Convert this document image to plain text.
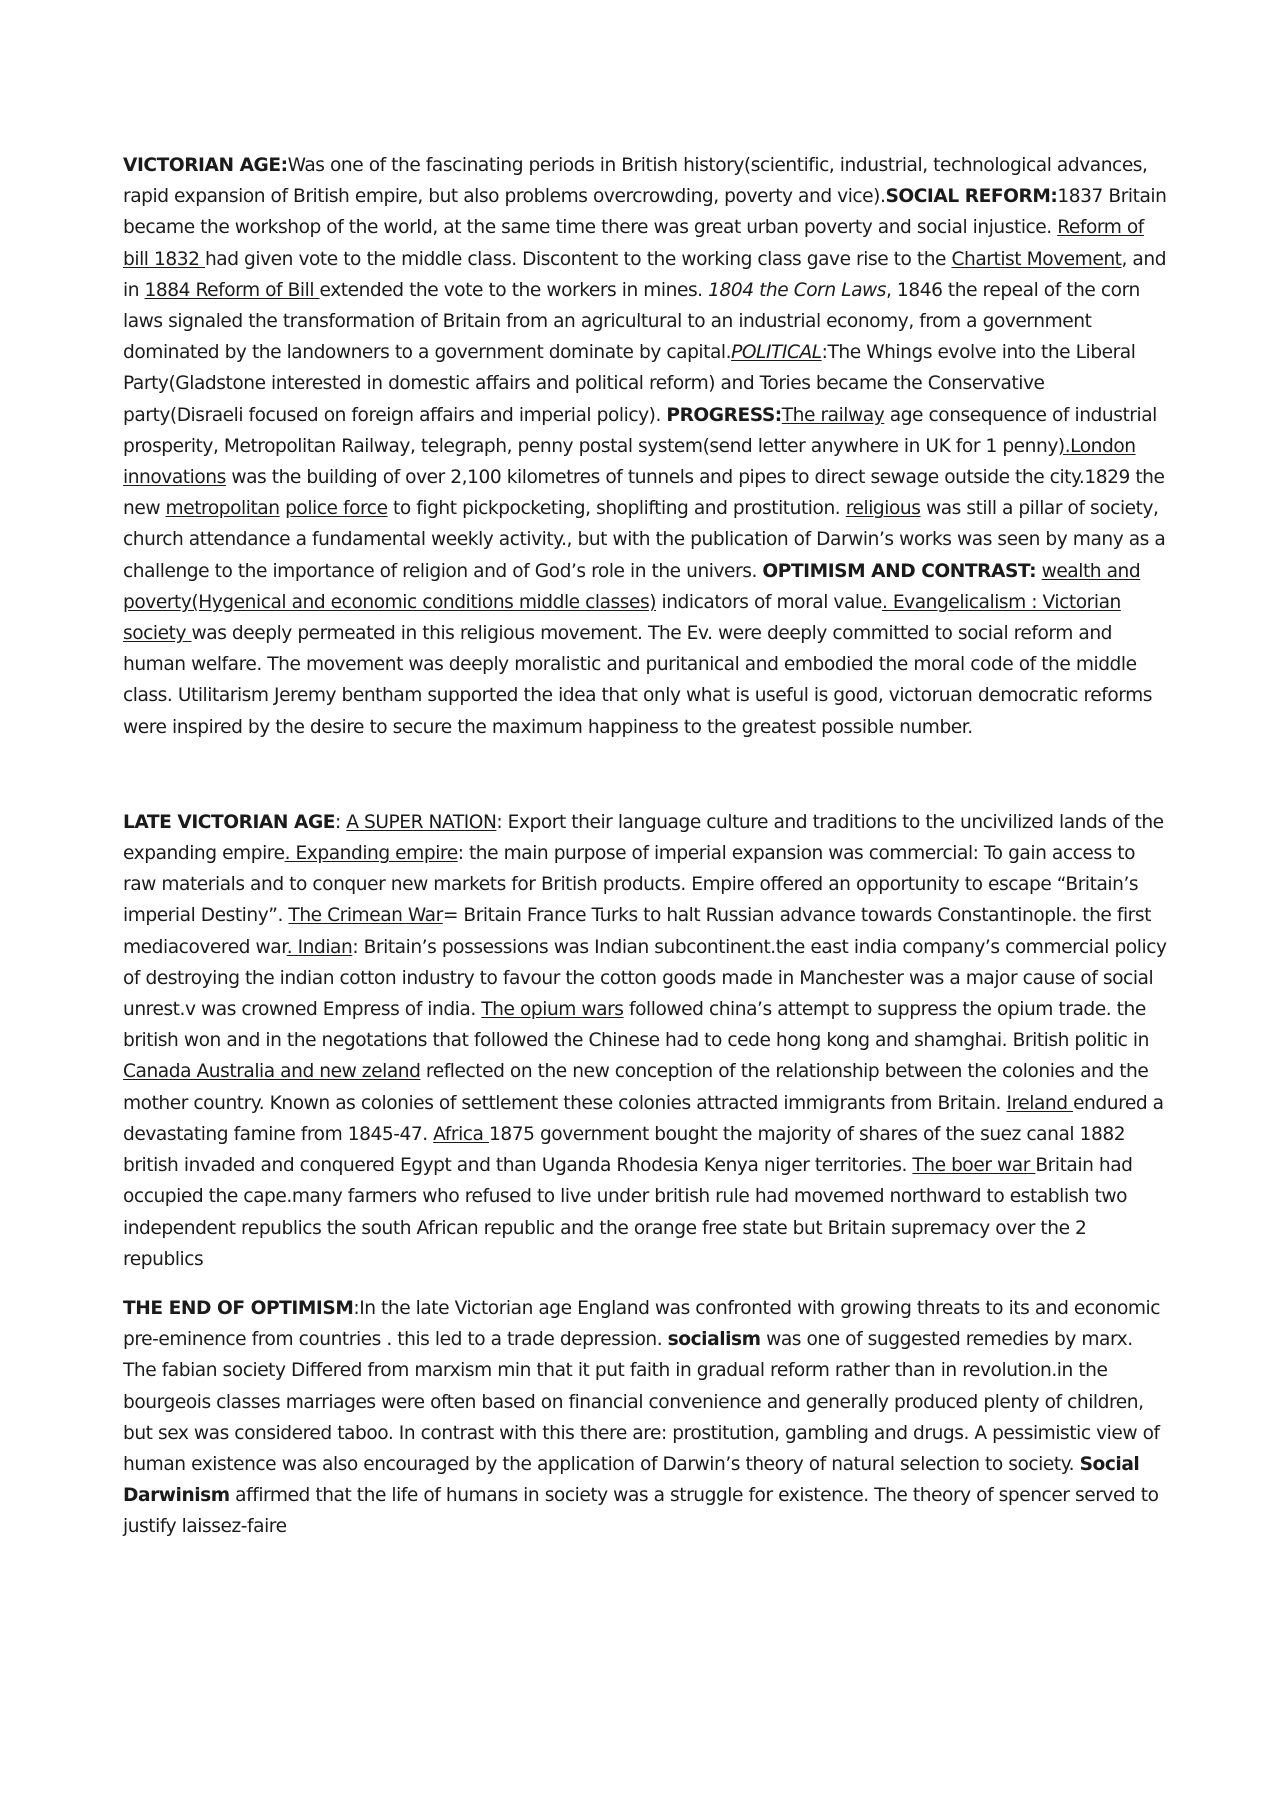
VICTORIAN AGE:Was one of the fascinating periods in British history(scientific, industrial, technological advances, rapid expansion of British empire, but also problems overcrowding, poverty and vice).SOCIAL REFORM:1837 Britain became the workshop of the world, at the same time there was great urban poverty and social injustice. Reform of bill 1832 had given vote to the middle class. Discontent to the working class gave rise to the Chartist Movement, and in 1884 Reform of Bill extended the vote to the workers in mines. 1804 the Corn Laws, 1846 the repeal of the corn laws signaled the transformation of Britain from an agricultural to an industrial economy, from a government dominated by the landowners to a government dominate by capital.POLITICAL:The Whings evolve into the Liberal Party(Gladstone interested in domestic affairs and political reform) and Tories became the Conservative party(Disraeli focused on foreign affairs and imperial policy). PROGRESS:The railway age consequence of industrial prosperity, Metropolitan Railway, telegraph, penny postal system(send letter anywhere in UK for 1 penny).London innovations was the building of over 2,100 kilometres of tunnels and pipes to direct sewage outside the city.1829 the new metropolitan police force to fight pickpocketing, shoplifting and prostitution. religious was still a pillar of society, church attendance a fundamental weekly activity., but with the publication of Darwin’s works was seen by many as a challenge to the importance of religion and of God’s role in the univers. OPTIMISM AND CONTRAST: wealth and poverty(Hygenical and economic conditions middle classes) indicators of moral value. Evangelicalism : Victorian society was deeply permeated in this religious movement. The Ev. were deeply committed to social reform and human welfare. The movement was deeply moralistic and puritanical and embodied the moral code of the middle class. Utilitarism Jeremy bentham supported the idea that only what is useful is good, victoruan democratic reforms were inspired by the desire to secure the maximum happiness to the greatest possible number.

LATE VICTORIAN AGE: A SUPER NATION: Export their language culture and traditions to the uncivilized lands of the expanding empire. Expanding empire: the main purpose of imperial expansion was commercial: To gain access to raw materials and to conquer new markets for British products. Empire offered an opportunity to escape “Britain’s imperial Destiny”. The Crimean War= Britain France Turks to halt Russian advance towards Constantinople. the first mediacovered war. Indian: Britain’s possessions was Indian subcontinent.the east india company’s commercial policy of destroying the indian cotton industry to favour the cotton goods made in Manchester was a major cause of social unrest.v was crowned Empress of india. The opium wars followed china’s attempt to suppress the opium trade. the british won and in the negotations that followed the Chinese had to cede hong kong and shamghai. British politic in Canada Australia and new zeland reflected on the new conception of the relationship between the colonies and the mother country. Known as colonies of settlement these colonies attracted immigrants from Britain. Ireland endured a devastating famine from 1845-47. Africa 1875 government bought the majority of shares of the suez canal 1882 british invaded and conquered Egypt and than Uganda Rhodesia Kenya niger territories. The boer war Britain had occupied the cape.many farmers who refused to live under british rule had movemed northward to establish two independent republics the south African republic and the orange free state but Britain supremacy over the 2 republics

THE END OF OPTIMISM:In the late Victorian age England was confronted with growing threats to its and economic pre-eminence from countries . this led to a trade depression. socialism was one of suggested remedies by marx. The fabian society Differed from marxism min that it put faith in gradual reform rather than in revolution.in the bourgeois classes marriages were often based on financial convenience and generally produced plenty of children, but sex was considered taboo. In contrast with this there are: prostitution, gambling and drugs. A pessimistic view of human existence was also encouraged by the application of Darwin’s theory of natural selection to society. Social Darwinism affirmed that the life of humans in society was a struggle for existence. The theory of spencer served to justify laissez-faire
